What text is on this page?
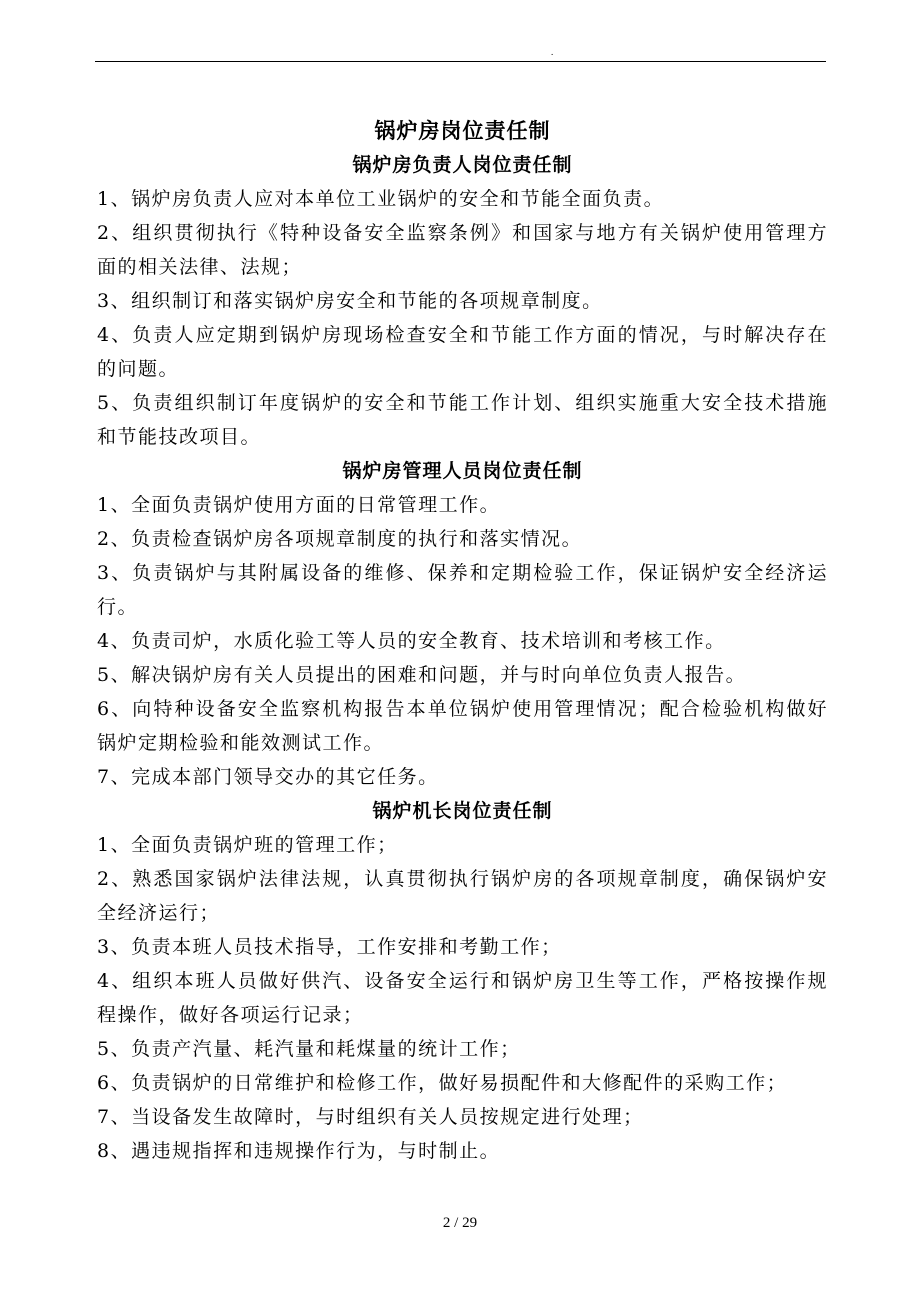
.

锅炉房岗位责任制

锅炉房负责人岗位责任制

1、锅炉房负责人应对本单位工业锅炉的安全和节能全面负责。

2、组织贯彻执行《特种设备安全监察条例》和国家与地方有关锅炉使用管理方面的相关法律、法规；

3、组织制订和落实锅炉房安全和节能的各项规章制度。

4、负责人应定期到锅炉房现场检查安全和节能工作方面的情况，与时解决存在的问题。

5、负责组织制订年度锅炉的安全和节能工作计划、组织实施重大安全技术措施和节能技改项目。

锅炉房管理人员岗位责任制

1、全面负责锅炉使用方面的日常管理工作。

2、负责检查锅炉房各项规章制度的执行和落实情况。

3、负责锅炉与其附属设备的维修、保养和定期检验工作，保证锅炉安全经济运行。

4、负责司炉，水质化验工等人员的安全教育、技术培训和考核工作。

5、解决锅炉房有关人员提出的困难和问题，并与时向单位负责人报告。

6、向特种设备安全监察机构报告本单位锅炉使用管理情况；配合检验机构做好锅炉定期检验和能效测试工作。

7、完成本部门领导交办的其它任务。

锅炉机长岗位责任制

1、全面负责锅炉班的管理工作；

2、熟悉国家锅炉法律法规，认真贯彻执行锅炉房的各项规章制度，确保锅炉安全经济运行；

3、负责本班人员技术指导，工作安排和考勤工作；

4、组织本班人员做好供汽、设备安全运行和锅炉房卫生等工作，严格按操作规程操作，做好各项运行记录；

5、负责产汽量、耗汽量和耗煤量的统计工作；

6、负责锅炉的日常维护和检修工作，做好易损配件和大修配件的采购工作；

7、当设备发生故障时，与时组织有关人员按规定进行处理；

8、遇违规指挥和违规操作行为，与时制止。

2 / 29
